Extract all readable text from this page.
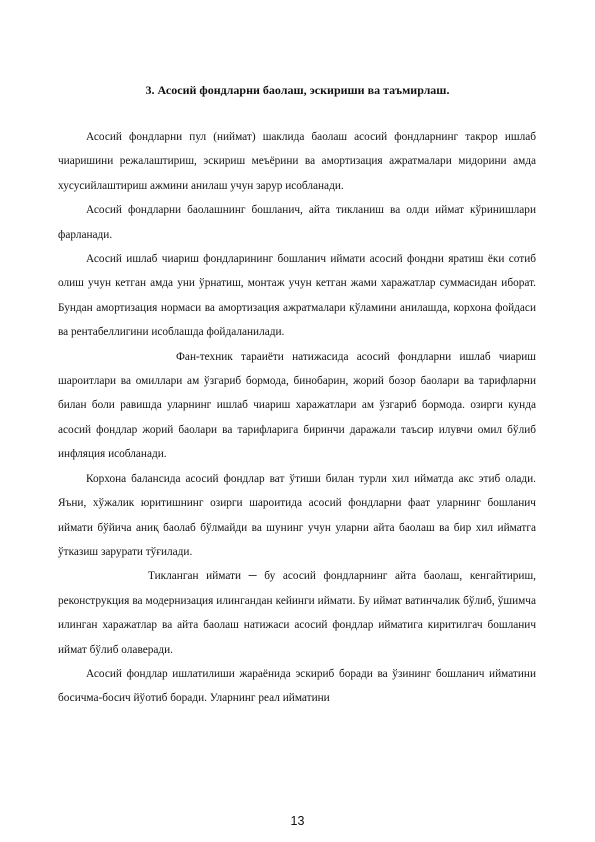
3. Асосий фондларни баолаш, эскириши ва таъмирлаш.

Асосий фондларни пул (ниймат) шаклида баолаш асосий фондларнинг такрор ишлаб чиаришини режалаштириш, эскириш меъёрини ва амортизация ажратмалари мидорини амда хусусийлаштириш ажмини анилаш учун зарур исобланади.

Асосий фондларни баолашнинг бошланич, айта тикланиш ва олди иймат кўринишлари фарланади.

Асосий ишлаб чиариш фондларининг бошланич иймати асосий фондни яратиш ёки сотиб олиш учун кетган амда уни ўрнатиш, монтаж учун кетган жами харажатлар суммасидан иборат. Бундан амортизация нормаси ва амортизация ажратмалари кўламини анилашда, корхона фойдаси ва рентабеллигини исоблашда фойдаланилади.

Фан-техник тараиёти натижасида асосий фондларни ишлаб чиариш шароитлари ва омиллари ам ўзгариб бормода, бинобарин, жорий бозор баолари ва тарифларни билан боли равишда уларнинг ишлаб чиариш харажатлари ам ўзгариб бормода. озирги кунда асосий фондлар жорий баолари ва тарифларига биринчи даражали таъсир илувчи омил бўлиб инфляция исобланади.

Корхона балансида асосий фондлар ват ўтиши билан турли хил ийматда акс этиб олади. Яъни, хўжалик юритишнинг озирги шароитида асосий фондларни фаат уларнинг бошланич иймати бўйича аниқ баолаб бўлмайди ва шунинг учун уларни айта баолаш ва бир хил ийматга ўтказиш зарурати тўғилади.

Тикланган иймати ─ бу асосий фондларнинг айта баолаш, кенгайтириш, реконструкция ва модернизация илингандан кейинги иймати. Бу иймат ватинчалик бўлиб, ўшимча илинган харажатлар ва айта баолаш натижаси асосий фондлар ийматига киритилгач бошланич иймат бўлиб олаверади.

Асосий фондлар ишлатилиши жараёнида эскириб боради ва ўзининг бошланич ийматини босичма-босич йўотиб боради. Уларнинг реал ийматини

13
